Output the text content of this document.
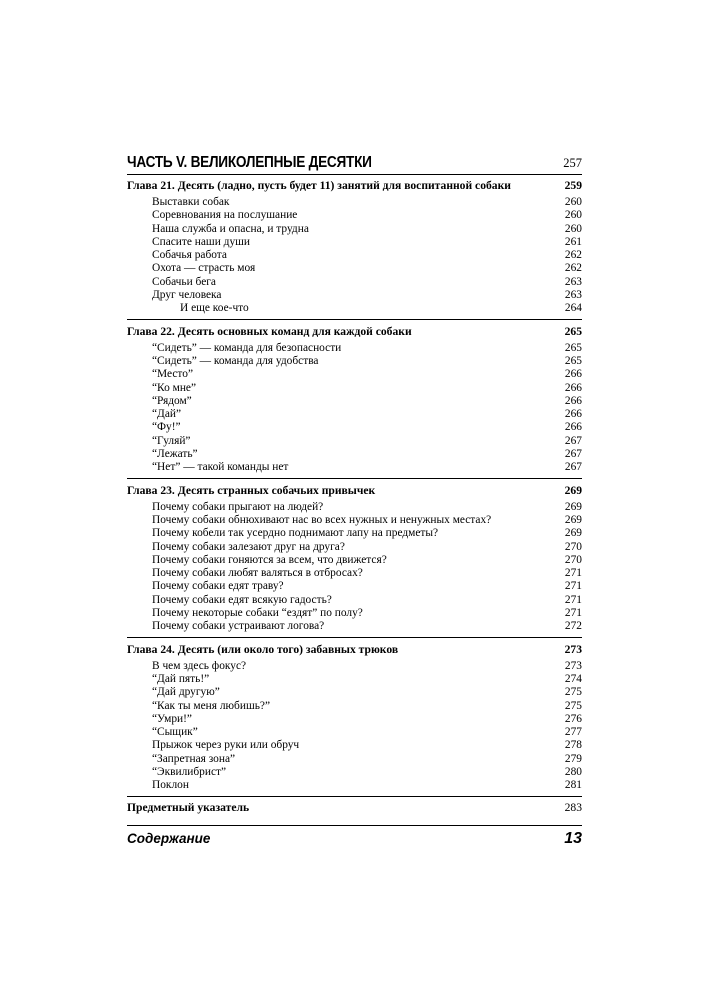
ЧАСТЬ V. ВЕЛИКОЛЕПНЫЕ ДЕСЯТКИ	257
Глава 21. Десять (ладно, пусть будет 11) занятий для воспитанной собаки	259
Выставки собак	260
Соревнования на послушание	260
Наша служба и опасна, и трудна	260
Спасите наши души	261
Собачья работа	262
Охота — страсть моя	262
Собачьи бега	263
Друг человека	263
И еще кое-что	264
Глава 22. Десять основных команд для каждой собаки	265
“Сидеть” — команда для безопасности	265
“Сидеть” — команда для удобства	265
“Место”	266
“Ко мне”	266
“Рядом”	266
“Дай”	266
“Фу!”	266
“Гуляй”	267
“Лежать”	267
“Нет” — такой команды нет	267
Глава 23. Десять странных собачьих привычек	269
Почему собаки прыгают на людей?	269
Почему собаки обнюхивают нас во всех нужных и ненужных местах?	269
Почему кобели так усердно поднимают лапу на предметы?	269
Почему собаки залезают друг на друга?	270
Почему собаки гоняются за всем, что движется?	270
Почему собаки любят валяться в отбросах?	271
Почему собаки едят траву?	271
Почему собаки едят всякую гадость?	271
Почему некоторые собаки “ездят” по полу?	271
Почему собаки устраивают логова?	272
Глава 24. Десять (или около того) забавных трюков	273
В чем здесь фокус?	273
“Дай пять!”	274
“Дай другую”	275
“Как ты меня любишь?”	275
“Умри!”	276
“Сыщик”	277
Прыжок через руки или обруч	278
“Запретная зона”	279
“Эквилибрист”	280
Поклон	281
Предметный указатель	283
Содержание	13
